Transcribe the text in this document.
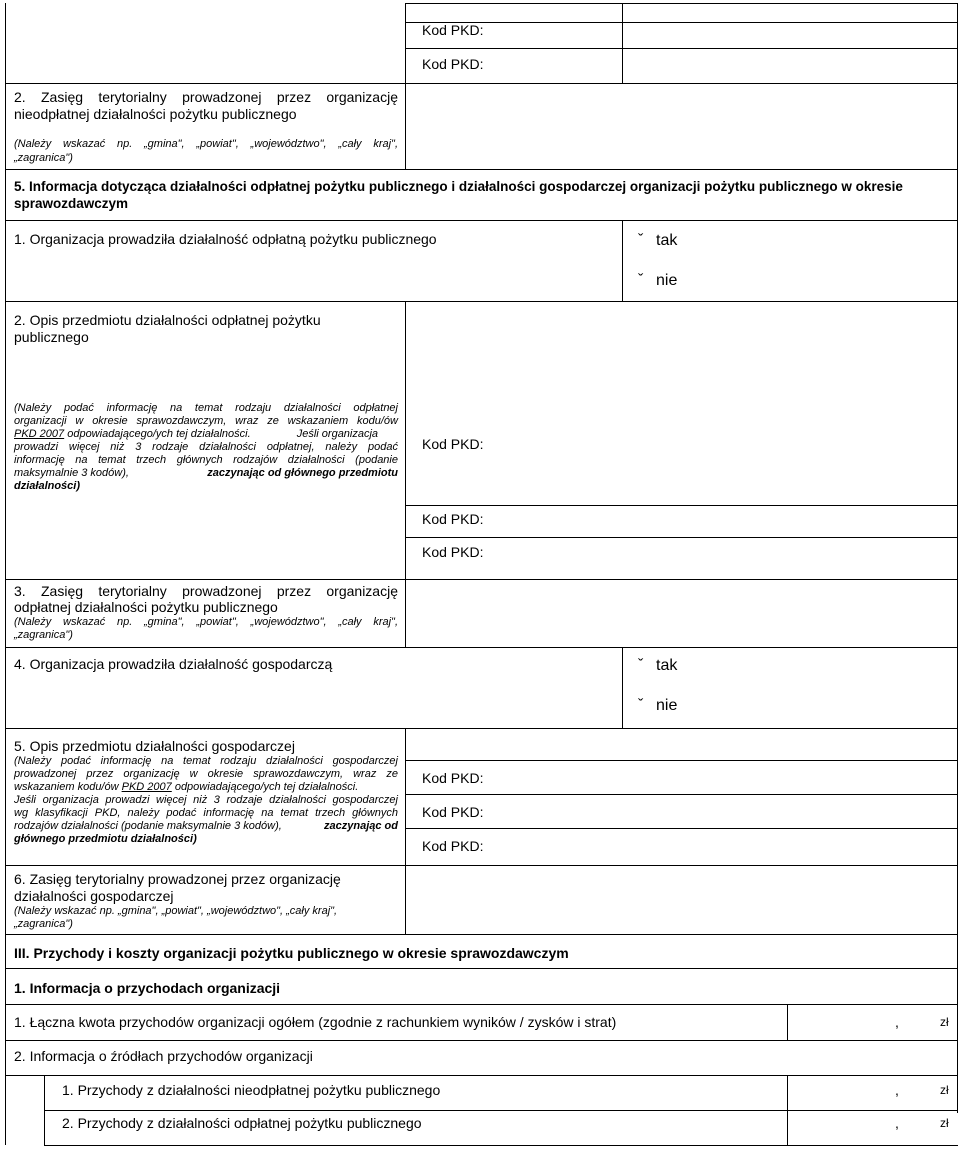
Kod PKD:
Kod PKD:
2. Zasięg terytorialny prowadzonej przez organizację
nieodpłatnej działalności pożytku publicznego
(Należy wskazać np. „gmina", „powiat", „województwo", „cały kraj",
„zagranica")
5. Informacja dotycząca działalności odpłatnej pożytku publicznego i działalności gospodarczej organizacji pożytku publicznego w okresie
sprawozdawczym
1. Organizacja prowadziła działalność odpłatną pożytku publicznego	ˇ tak
ˇ nie
2. Opis przedmiotu działalności odpłatnej pożytku
publicznego
(Należy podać informację na temat rodzaju działalności odpłatnej
organizacji w okresie sprawozdawczym, wraz ze wskazaniem kodu/ów
PKD 2007 odpowiadającego/ych tej działalności.	Jeśli organizacja
prowadzi więcej niż 3 rodzaje działalności odpłatnej, należy podać
informację na temat trzech głównych rodzajów działalności (podanie
maksymalnie 3 kodów),	zaczynając od głównego przedmiotu
działalności)
Kod PKD:
Kod PKD:
Kod PKD:
3. Zasięg terytorialny prowadzonej przez organizację
odpłatnej działalności pożytku publicznego
(Należy wskazać np. „gmina", „powiat", „województwo", „cały kraj",
„zagranica")
4. Organizacja prowadziła działalność gospodarczą	ˇ tak
ˇ nie
5. Opis przedmiotu działalności gospodarczej
(Należy podać informację na temat rodzaju działalności gospodarczej
prowadzonej przez organizację w okresie sprawozdawczym, wraz ze
wskazaniem kodu/ów PKD 2007 odpowiadającego/ych tej działalności.
Jeśli organizacja prowadzi więcej niż 3 rodzaje działalności gospodarczej
wg klasyfikacji PKD, należy podać informację na temat trzech głównych
rodzajów działalności (podanie maksymalnie 3 kodów),	zaczynając od
głównego przedmiotu działalności)
Kod PKD:
Kod PKD:
Kod PKD:
6. Zasięg terytorialny prowadzonej przez organizację
działalności gospodarczej
(Należy wskazać np. „gmina", „powiat", „województwo", „cały kraj",
„zagranica")
III. Przychody i koszty organizacji pożytku publicznego w okresie sprawozdawczym
1. Informacja o przychodach organizacji
1. Łączna kwota przychodów organizacji ogółem (zgodnie z rachunkiem wyników / zysków i strat)	,	zł
2. Informacja o źródłach przychodów organizacji
1. Przychody z działalności nieodpłatnej pożytku publicznego	,	zł
2. Przychody z działalności odpłatnej pożytku publicznego	,	zł
